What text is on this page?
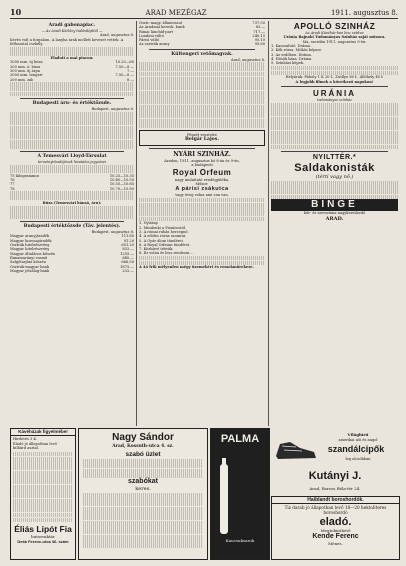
10	ARAD MEZÉGAZ	1911. augusztus 8.
Aradi gabonapiac.
— Az Aradi Közlöny tudósítójától —
Arad, augusztus 8.
Kevés volt a forgalom. A lanyha árak mellett keveset vettek. A felhozatal csekély.
Eladott a mai piacon:
1000 mm. új búza	10.25—60
200 mm. ó. búza	7.50—8 —
300 mm. új árpa	7.—
2000 mm. tengeri	7.50—8 —
200 mm. zab	8 —
Budapesti áru- és értéktőzsde.
Budapest, augusztus 8.
A Temesvári Lloyd-Társulat
terménytőzsdéjének hivatalos jegyzései
75 kilogrammos	10.25—10.35
76	10.40—10.50
77	10.55—10.65
78	10.70—10.80
Búza (Temesvári bánsá, áru):
Budapesti értéktőzsde (Táv. jelentés).
Budapest, augusztus 8.
Magyar aranyjáradék	111.80
Magyar koronajáradék	91.20
Osztrák hitelrészvény	651.25
Magyar hitelrészvény	832.—
Magyar általános kőszén	1255.—
Rimamurányi vasmű	640.—
Salgótarjáni kőszén	666.50
Osztrák-magyar bank	1875.—
Magyar jelzálog-bank	232.—
Osztr.-magy. államvasut	737.50
Az Aradmai keresk. bank	83.—
Rimai lánchíd-part	717.—
Londoni váltó	240.15
Párisi váltó	95.10
Az osztrák arany	95.60
Kültengeri vetőmagvak.
Arad, augusztus 8.
Pénzét vesztette
Belgár Lajos.
NYÁRI SZINHÁZ.
Aradon, 1911. augusztus hó 8-án és 9-én,
a budapesti
Royal Orfeum
nagy mulattató vendégjátéka.
Műsor:
A párisi zsákutca
vagy üveg volna ami van van.
1. Nyitány.
2. Mindenki a Pionírostól.
3. A római ruhás hercegnő.
4. A zöldes rózsa szomrai.
5. A Gyár álom tündérei.
6. A Royal Orfeum tündérei.
7. Közhírré tétetik.
8. Ez volna és lesz rendezni...
A 44 frik mélyenfen mégy üzemekért és remekműrekeze.
APOLLÓ SZINHÁZ
Az Aradi Kávéház-ban lesz vetítve
Uránia Bajnoki Tudományos Színház saját műsora.
Ma, szerdán 1911. augusztus 9-én:
1. Kasszafutó. Dráma.
2. Kék rózsa. Mókás képsor.
3. Az erdőben. Dráma.
4. Hősök háza. Dráma.
5. Színházi képek.
Helyárak: Páholy 1 K 20 f., Zsöllye 80 f., Állóhely 40 f.
A legjobb filmek a következő napokon!
URÁNIA
tudományos színház
NYILTTÉR.*
Saldakonisták
(térti vagy nő.)
BINGE
bőr- és szerszáma nagykereskedő
ARAD.
Világhírű
amerikai női és angol
szandálcipők
leg olcsóbban
Kutányi J.
Arad, Boross Béla-tér 24.
Kávéházak figyelmébe!
Hirdetés 3 K.
Eladó jó állapotban levő
billiárd asztal.
Éliás Lipót Fia
butorraktár
Deák Ferenc-utca 36. szám
Nagy Sándor
Arad, Kossuth-utca 4. sz.
szabó üzlet
szabókat
keres.
PALMA
Kaucsuksarok
Haiblandt boroshordók.
Tiz darab jó állapotban levő 18—20 hektoliteres boroshordó
eladó.
Megtekinthető
Kende Ferenc
Ménes.
